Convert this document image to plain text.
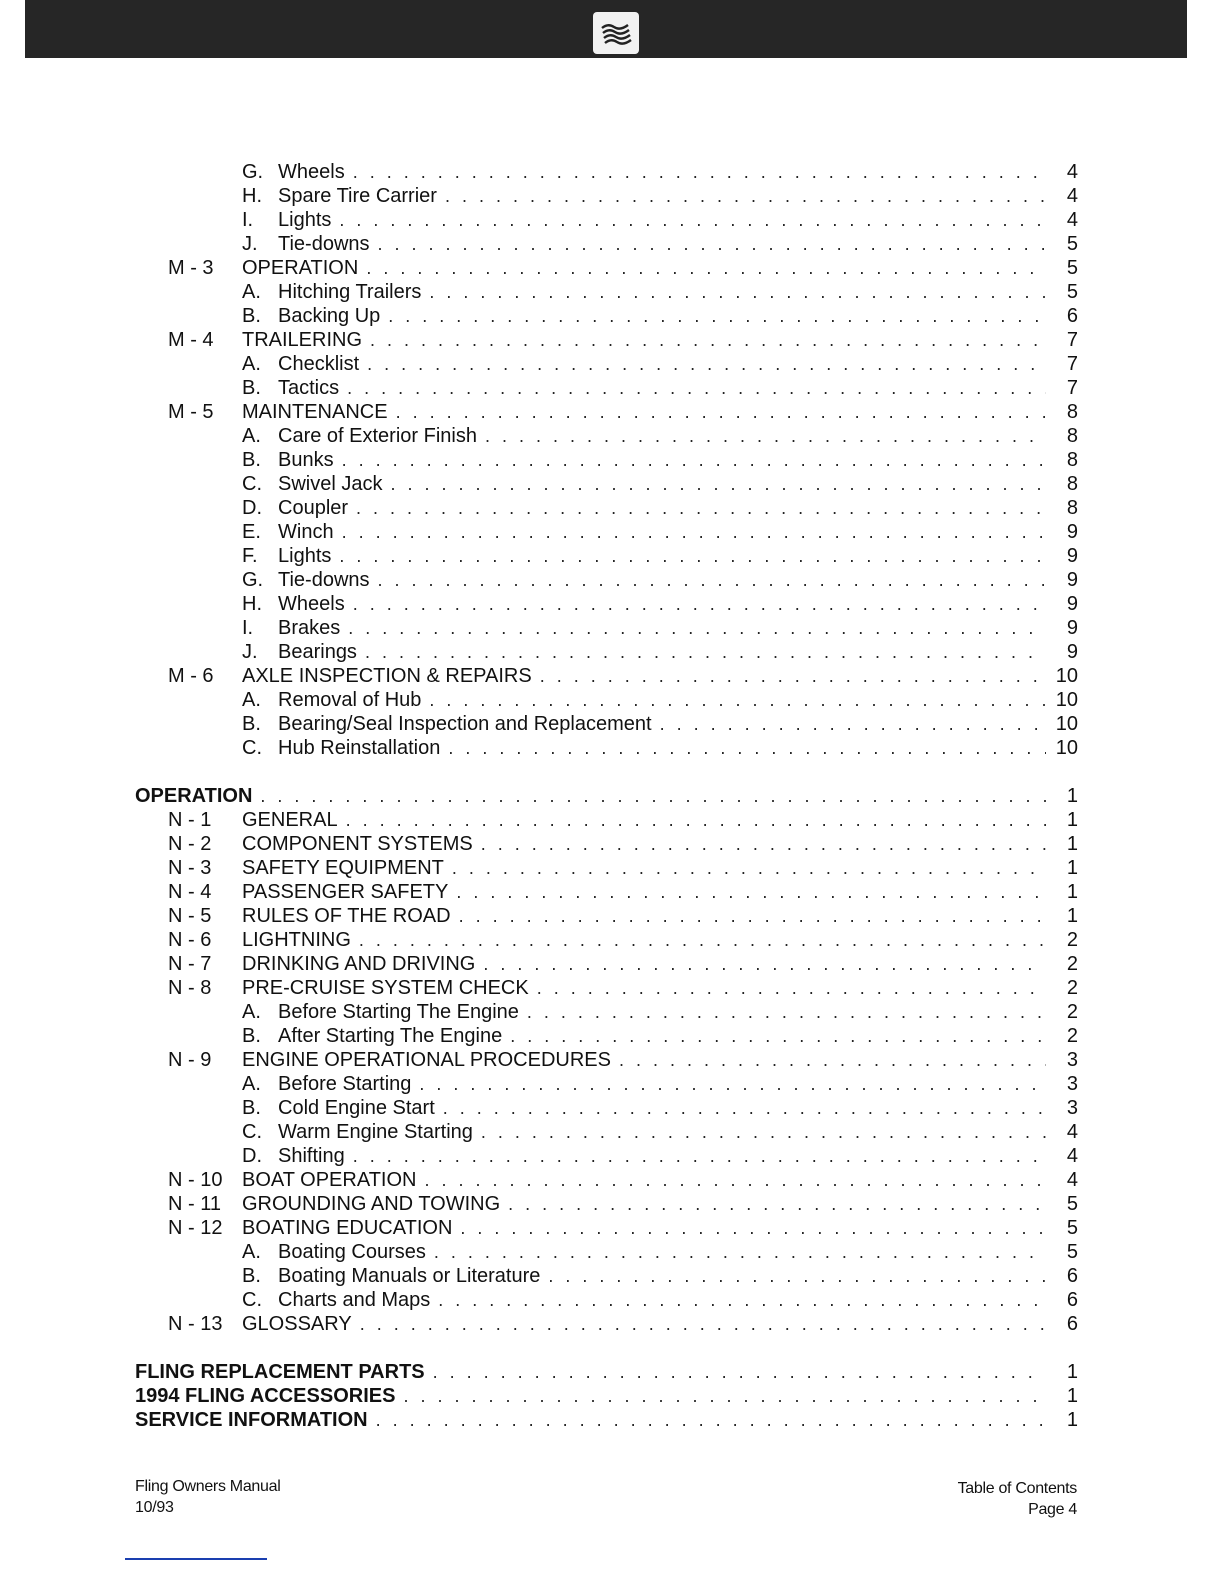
G. Wheels . . .	4
H. Spare Tire Carrier . . .	4
I.	Lights . . .	4
J.	Tie-downs . . .	5
M - 3	OPERATION . . .	5
A. Hitching Trailers . . .	5
B. Backing Up . . .	6
M - 4	TRAILERING . . .	7
A. Checklist . . .	7
B. Tactics . . .	7
M - 5	MAINTENANCE . . .	8
A. Care of Exterior Finish . . .	8
B. Bunks . . .	8
C. Swivel Jack . . .	8
D. Coupler . . .	8
E. Winch . . .	9
F.	Lights . . .	9
G. Tie-downs . . .	9
H. Wheels . . .	9
I.	Brakes . . .	9
J.	Bearings . . .	9
M - 6	AXLE INSPECTION & REPAIRS . . .	10
A. Removal of Hub . . .	10
B. Bearing/Seal Inspection and Replacement . . .	10
C. Hub Reinstallation . . .	10
OPERATION . . .	1
N - 1	GENERAL . . .	1
N - 2	COMPONENT SYSTEMS . . .	1
N - 3	SAFETY EQUIPMENT . . .	1
N - 4	PASSENGER SAFETY . . .	1
N - 5	RULES OF THE ROAD . . .	1
N - 6	LIGHTNING . . .	2
N - 7	DRINKING AND DRIVING . . .	2
N - 8	PRE-CRUISE SYSTEM CHECK . . .	2
A. Before Starting The Engine . . .	2
B. After Starting The Engine . . .	2
N - 9	ENGINE OPERATIONAL PROCEDURES . . .	3
A. Before Starting . . .	3
B. Cold Engine Start . . .	3
C. Warm Engine Starting . . .	4
D. Shifting . . .	4
N - 10 BOAT OPERATION . . .	4
N - 11	GROUNDING AND TOWING . . .	5
N - 12 BOATING EDUCATION . . .	5
A. Boating Courses . . .	5
B. Boating Manuals or Literature . . .	6
C. Charts and Maps . . .	6
N - 13 GLOSSARY . . .	6
FLING REPLACEMENT PARTS . . .	1
1994 FLING ACCESSORIES . . .	1
SERVICE INFORMATION . . .	1
Fling Owners Manual
10/93
Table of Contents
Page 4
